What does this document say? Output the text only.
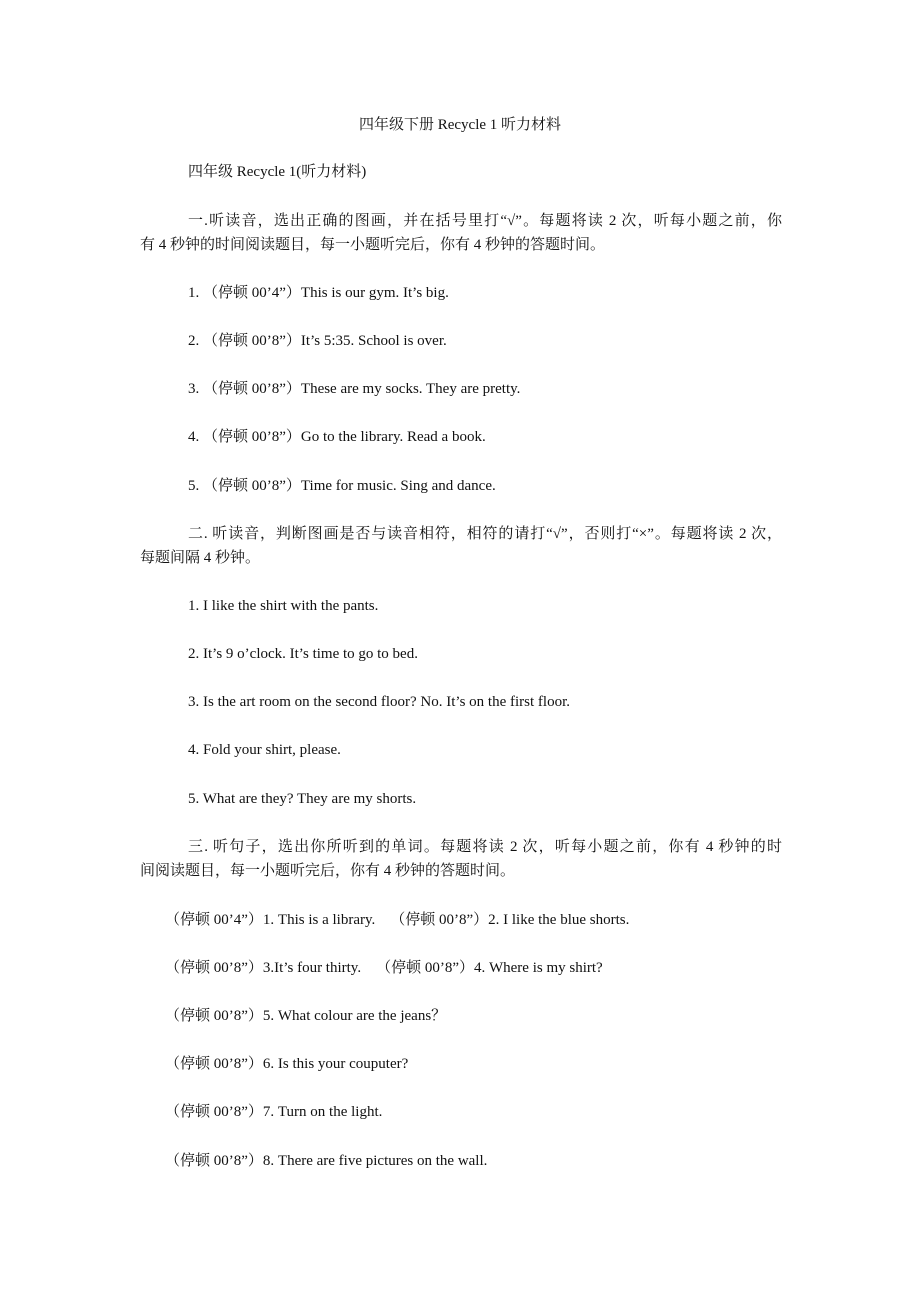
四年级下册 Recycle 1 听力材料
四年级 Recycle 1(听力材料)
一.听读音，选出正确的图画，并在括号里打“√”。每题将读 2 次，听每小题之前，你
有 4 秒钟的时间阅读题目，每一小题听完后，你有 4 秒钟的答题时间。
1. （停顿 00’4”）This is our gym. It’s big.
2. （停顿 00’8”）It’s 5:35. School is over.
3. （停顿 00’8”）These are my socks. They are pretty.
4. （停顿 00’8”）Go to the library. Read a book.
5. （停顿 00’8”）Time for music. Sing and dance.
二. 听读音，判断图画是否与读音相符，相符的请打“√”，否则打“×”。每题将读 2 次，
每题间隔 4 秒钟。
1. I like the shirt with the pants.
2. It’s 9 o’clock. It’s time to go to bed.
3. Is the art room on the second floor? No. It’s on the first floor.
4. Fold your shirt, please.
5. What are they? They are my shorts.
三. 听句子，选出你所听到的单词。每题将读 2 次，听每小题之前，你有 4 秒钟的时
间阅读题目，每一小题听完后，你有 4 秒钟的答题时间。
（停顿 00’4”）1. This is a library.    （停顿 00’8”）2. I like the blue shorts.
（停顿 00’8”）3.It’s four thirty.    （停顿 00’8”）4. Where is my shirt?
（停顿 00’8”）5. What colour are the jeans？
（停顿 00’8”）6. Is this your couputer?
（停顿 00’8”）7. Turn on the light.
（停顿 00’8”）8. There are five pictures on the wall.
